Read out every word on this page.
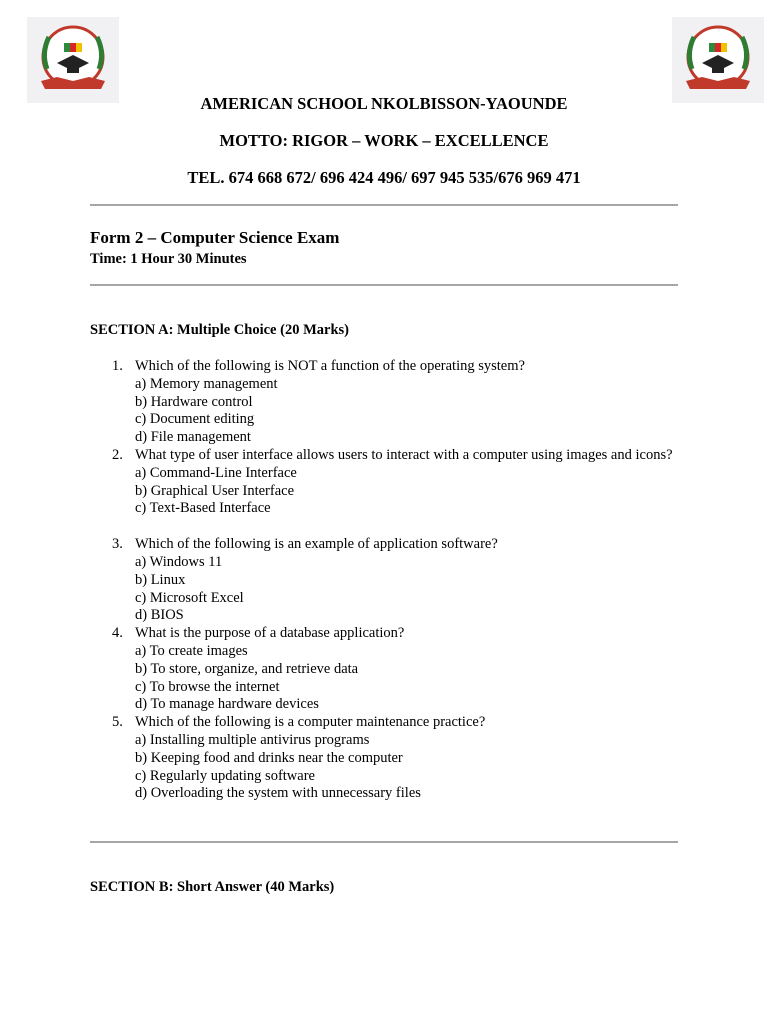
AMERICAN SCHOOL NKOLBISSON-YAOUNDE
MOTTO: RIGOR – WORK – EXCELLENCE
TEL. 674 668 672/ 696 424 496/ 697 945 535/676 969 471
Form 2 – Computer Science Exam
Time: 1 Hour 30 Minutes
SECTION A: Multiple Choice (20 Marks)
1. Which of the following is NOT a function of the operating system?
a) Memory management
b) Hardware control
c) Document editing
d) File management
2. What type of user interface allows users to interact with a computer using images and icons?
a) Command-Line Interface
b) Graphical User Interface
c) Text-Based Interface
3. Which of the following is an example of application software?
a) Windows 11
b) Linux
c) Microsoft Excel
d) BIOS
4. What is the purpose of a database application?
a) To create images
b) To store, organize, and retrieve data
c) To browse the internet
d) To manage hardware devices
5. Which of the following is a computer maintenance practice?
a) Installing multiple antivirus programs
b) Keeping food and drinks near the computer
c) Regularly updating software
d) Overloading the system with unnecessary files
SECTION B: Short Answer (40 Marks)
